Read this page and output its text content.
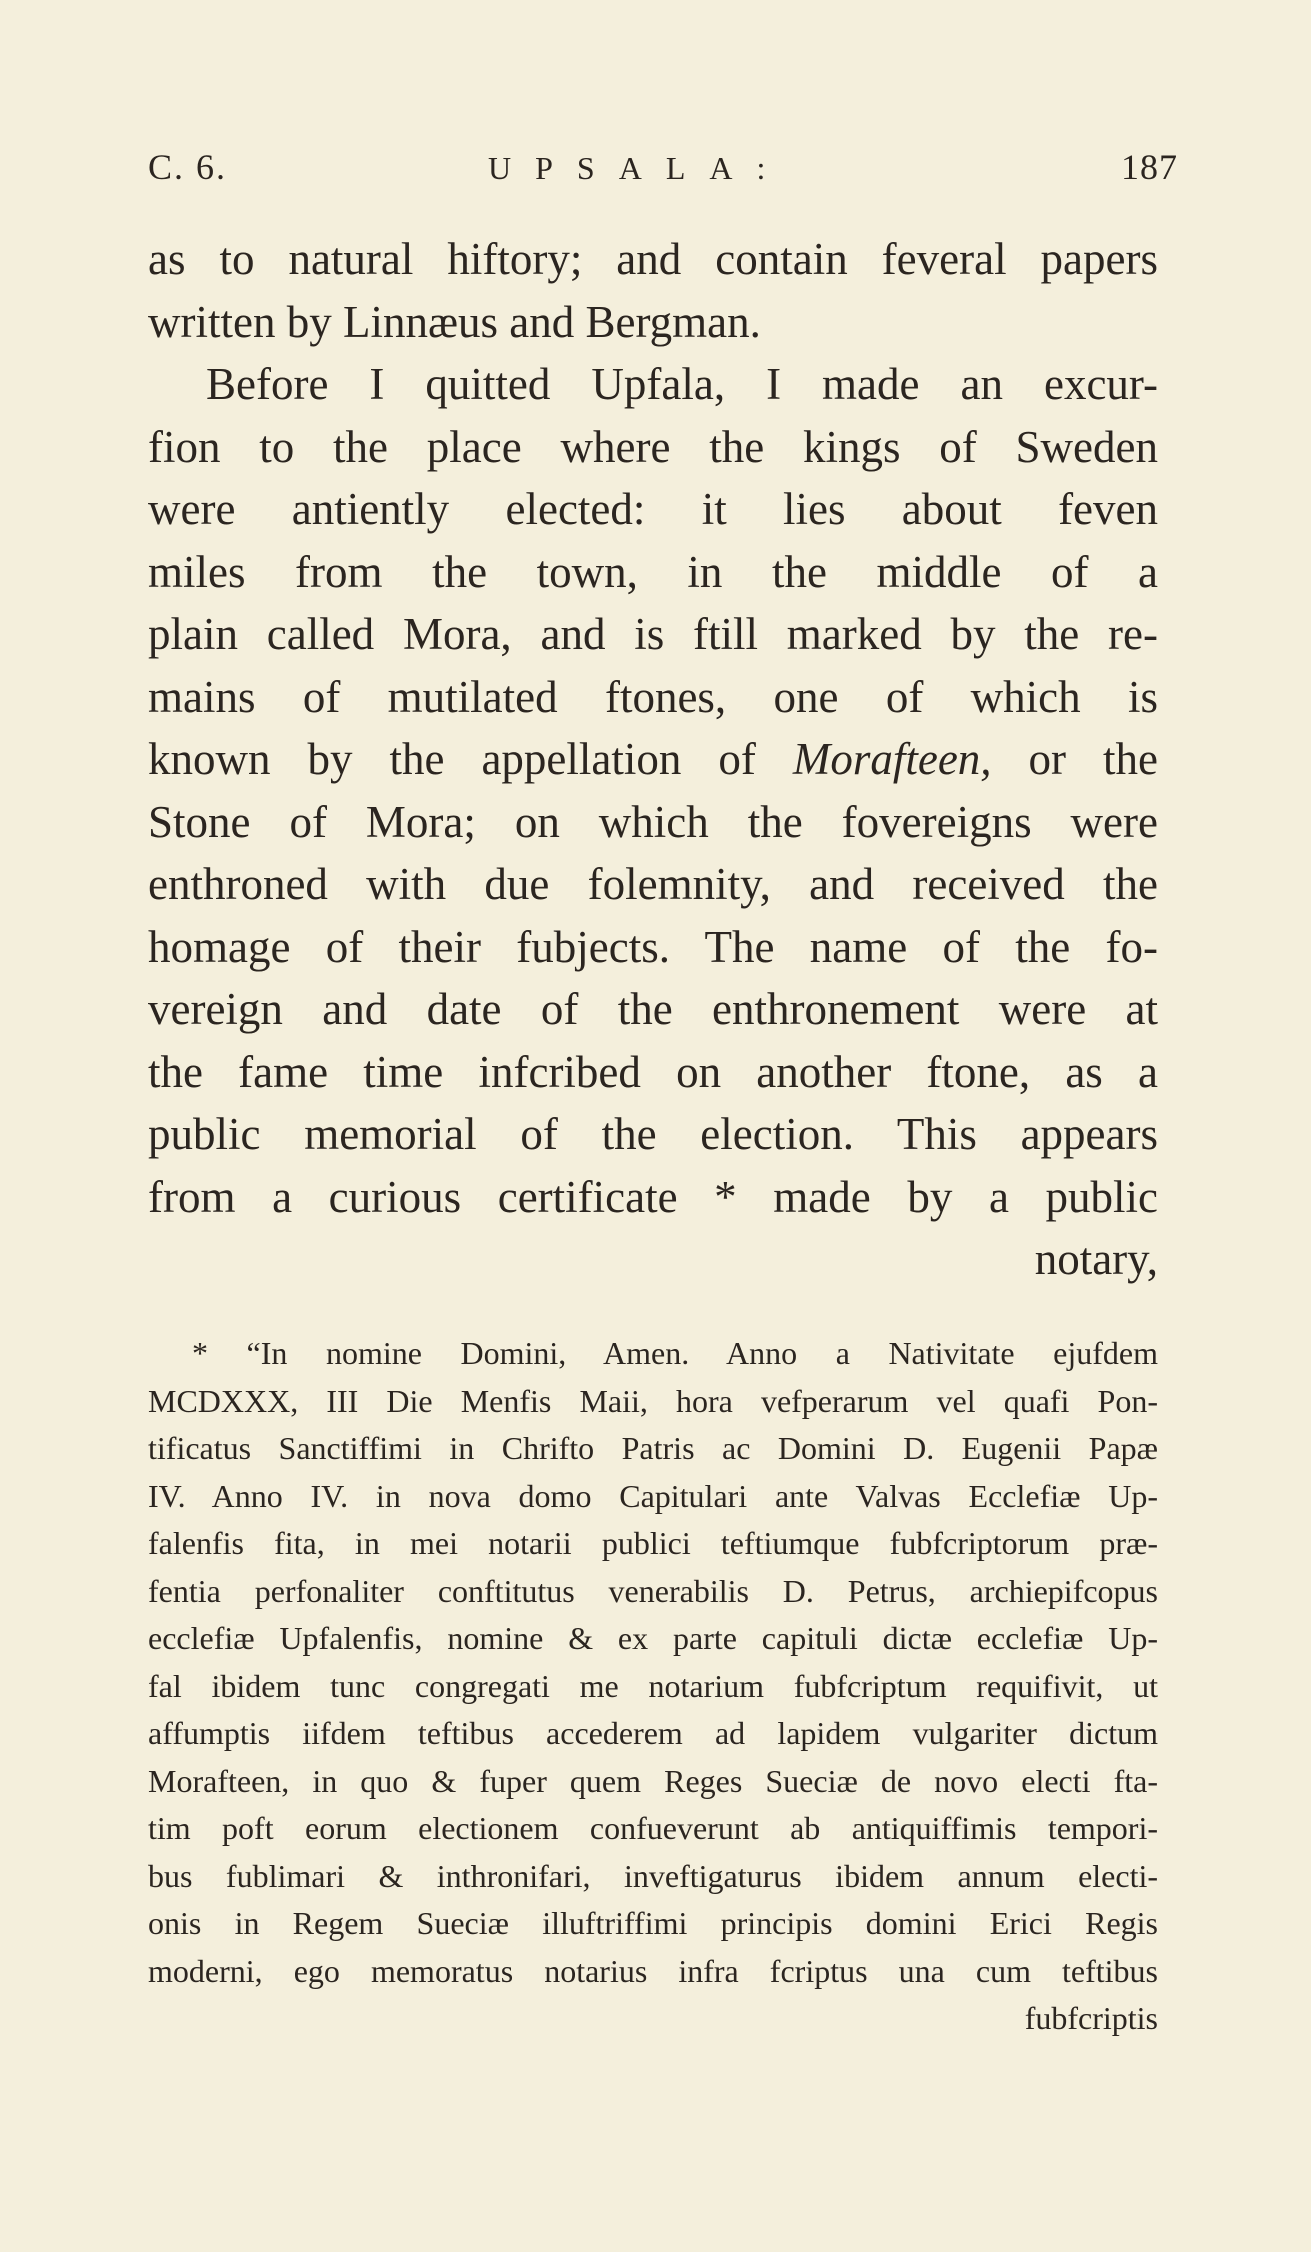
C. 6.	UPSALA:	187
as to natural hiftory; and contain feveral papers
written by Linnæus and Bergman.
Before I quitted Upfala, I made an excur-
fion to the place where the kings of Sweden
were antiently elected: it lies about feven
miles from the town, in the middle of a
plain called Mora, and is ftill marked by the re-
mains of mutilated ftones, one of which is
known by the appellation of Morafteen, or the
Stone of Mora; on which the fovereigns were
enthroned with due folemnity, and received the
homage of their fubjects. The name of the fo-
vereign and date of the enthronement were at
the fame time infcribed on another ftone, as a
public memorial of the election. This appears
from a curious certificate * made by a public
notary,
* “In nomine Domini, Amen. Anno a Nativitate ejufdem
MCDXXX, III Die Menfis Maii, hora vefperarum vel quafi Pon-
tificatus Sanctiffimi in Chrifto Patris ac Domini D. Eugenii Papæ
IV. Anno IV. in nova domo Capitulari ante Valvas Ecclefiæ Up-
falenfis fita, in mei notarii publici teftiumque fubfcriptorum præ-
fentia perfonaliter conftitutus venerabilis D. Petrus, archiepifcopus
ecclefiæ Upfalenfis, nomine & ex parte capituli dictæ ecclefiæ Up-
fal ibidem tunc congregati me notarium fubfcriptum requifivit, ut
affumptis iifdem teftibus accederem ad lapidem vulgariter dictum
Morafteen, in quo & fuper quem Reges Sueciæ de novo electi fta-
tim poft eorum electionem confueverunt ab antiquiffimis tempori-
bus fublimari & inthronifari, inveftigaturus ibidem annum electi-
onis in Regem Sueciæ illuftriffimi principis domini Erici Regis
moderni, ego memoratus notarius infra fcriptus una cum teftibus
fubfcriptis
